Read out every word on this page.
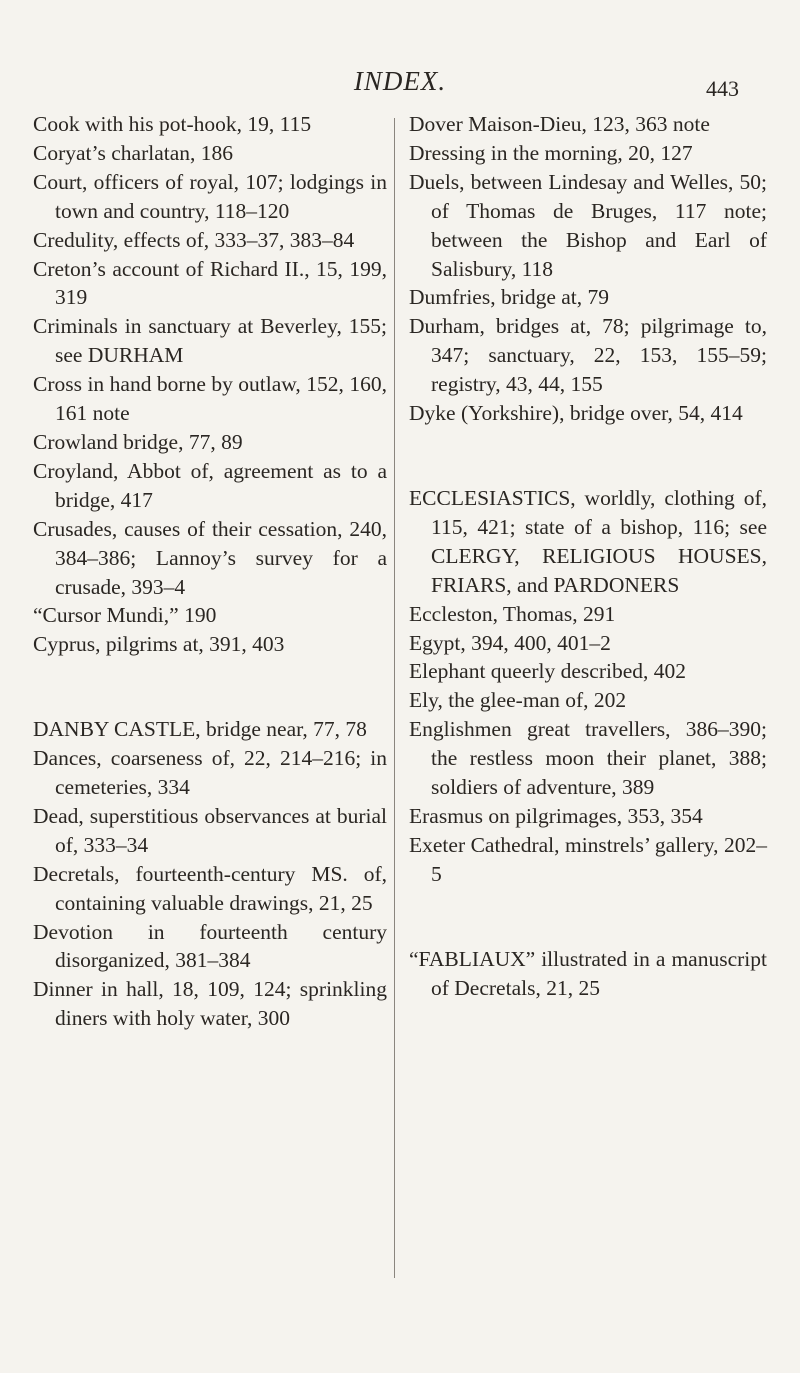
INDEX.	443

Cook with his pot-hook, 19, 115

Coryat’s charlatan, 186

Court, officers of royal, 107; lodgings in town and country, 118–120

Credulity, effects of, 333–37, 383–84

Creton’s account of Richard II., 15, 199, 319

Criminals in sanctuary at Beverley, 155; see DURHAM

Cross in hand borne by outlaw, 152, 160, 161 note

Crowland bridge, 77, 89

Croyland, Abbot of, agreement as to a bridge, 417

Crusades, causes of their cessation, 240, 384–386; Lannoy’s survey for a crusade, 393–4

“Cursor Mundi,” 190

Cyprus, pilgrims at, 391, 403

DANBY CASTLE, bridge near, 77, 78

Dances, coarseness of, 22, 214–216; in cemeteries, 334

Dead, superstitious observances at burial of, 333–34

Decretals, fourteenth-century MS. of, containing valuable drawings, 21, 25

Devotion in fourteenth century disorganized, 381–384

Dinner in hall, 18, 109, 124; sprinkling diners with holy water, 300

Dover Maison-Dieu, 123, 363 note

Dressing in the morning, 20, 127

Duels, between Lindesay and Welles, 50; of Thomas de Bruges, 117 note; between the Bishop and Earl of Salisbury, 118

Dumfries, bridge at, 79

Durham, bridges at, 78; pilgrimage to, 347; sanctuary, 22, 153, 155–59; registry, 43, 44, 155

Dyke (Yorkshire), bridge over, 54, 414

ECCLESIASTICS, worldly, clothing of, 115, 421; state of a bishop, 116; see CLERGY, RELIGIOUS HOUSES, FRIARS, and PARDONERS

Eccleston, Thomas, 291

Egypt, 394, 400, 401–2

Elephant queerly described, 402

Ely, the glee-man of, 202

Englishmen great travellers, 386–390; the restless moon their planet, 388; soldiers of adventure, 389

Erasmus on pilgrimages, 353, 354

Exeter Cathedral, minstrels’ gallery, 202–5

“FABLIAUX” illustrated in a manuscript of Decretals, 21, 25
